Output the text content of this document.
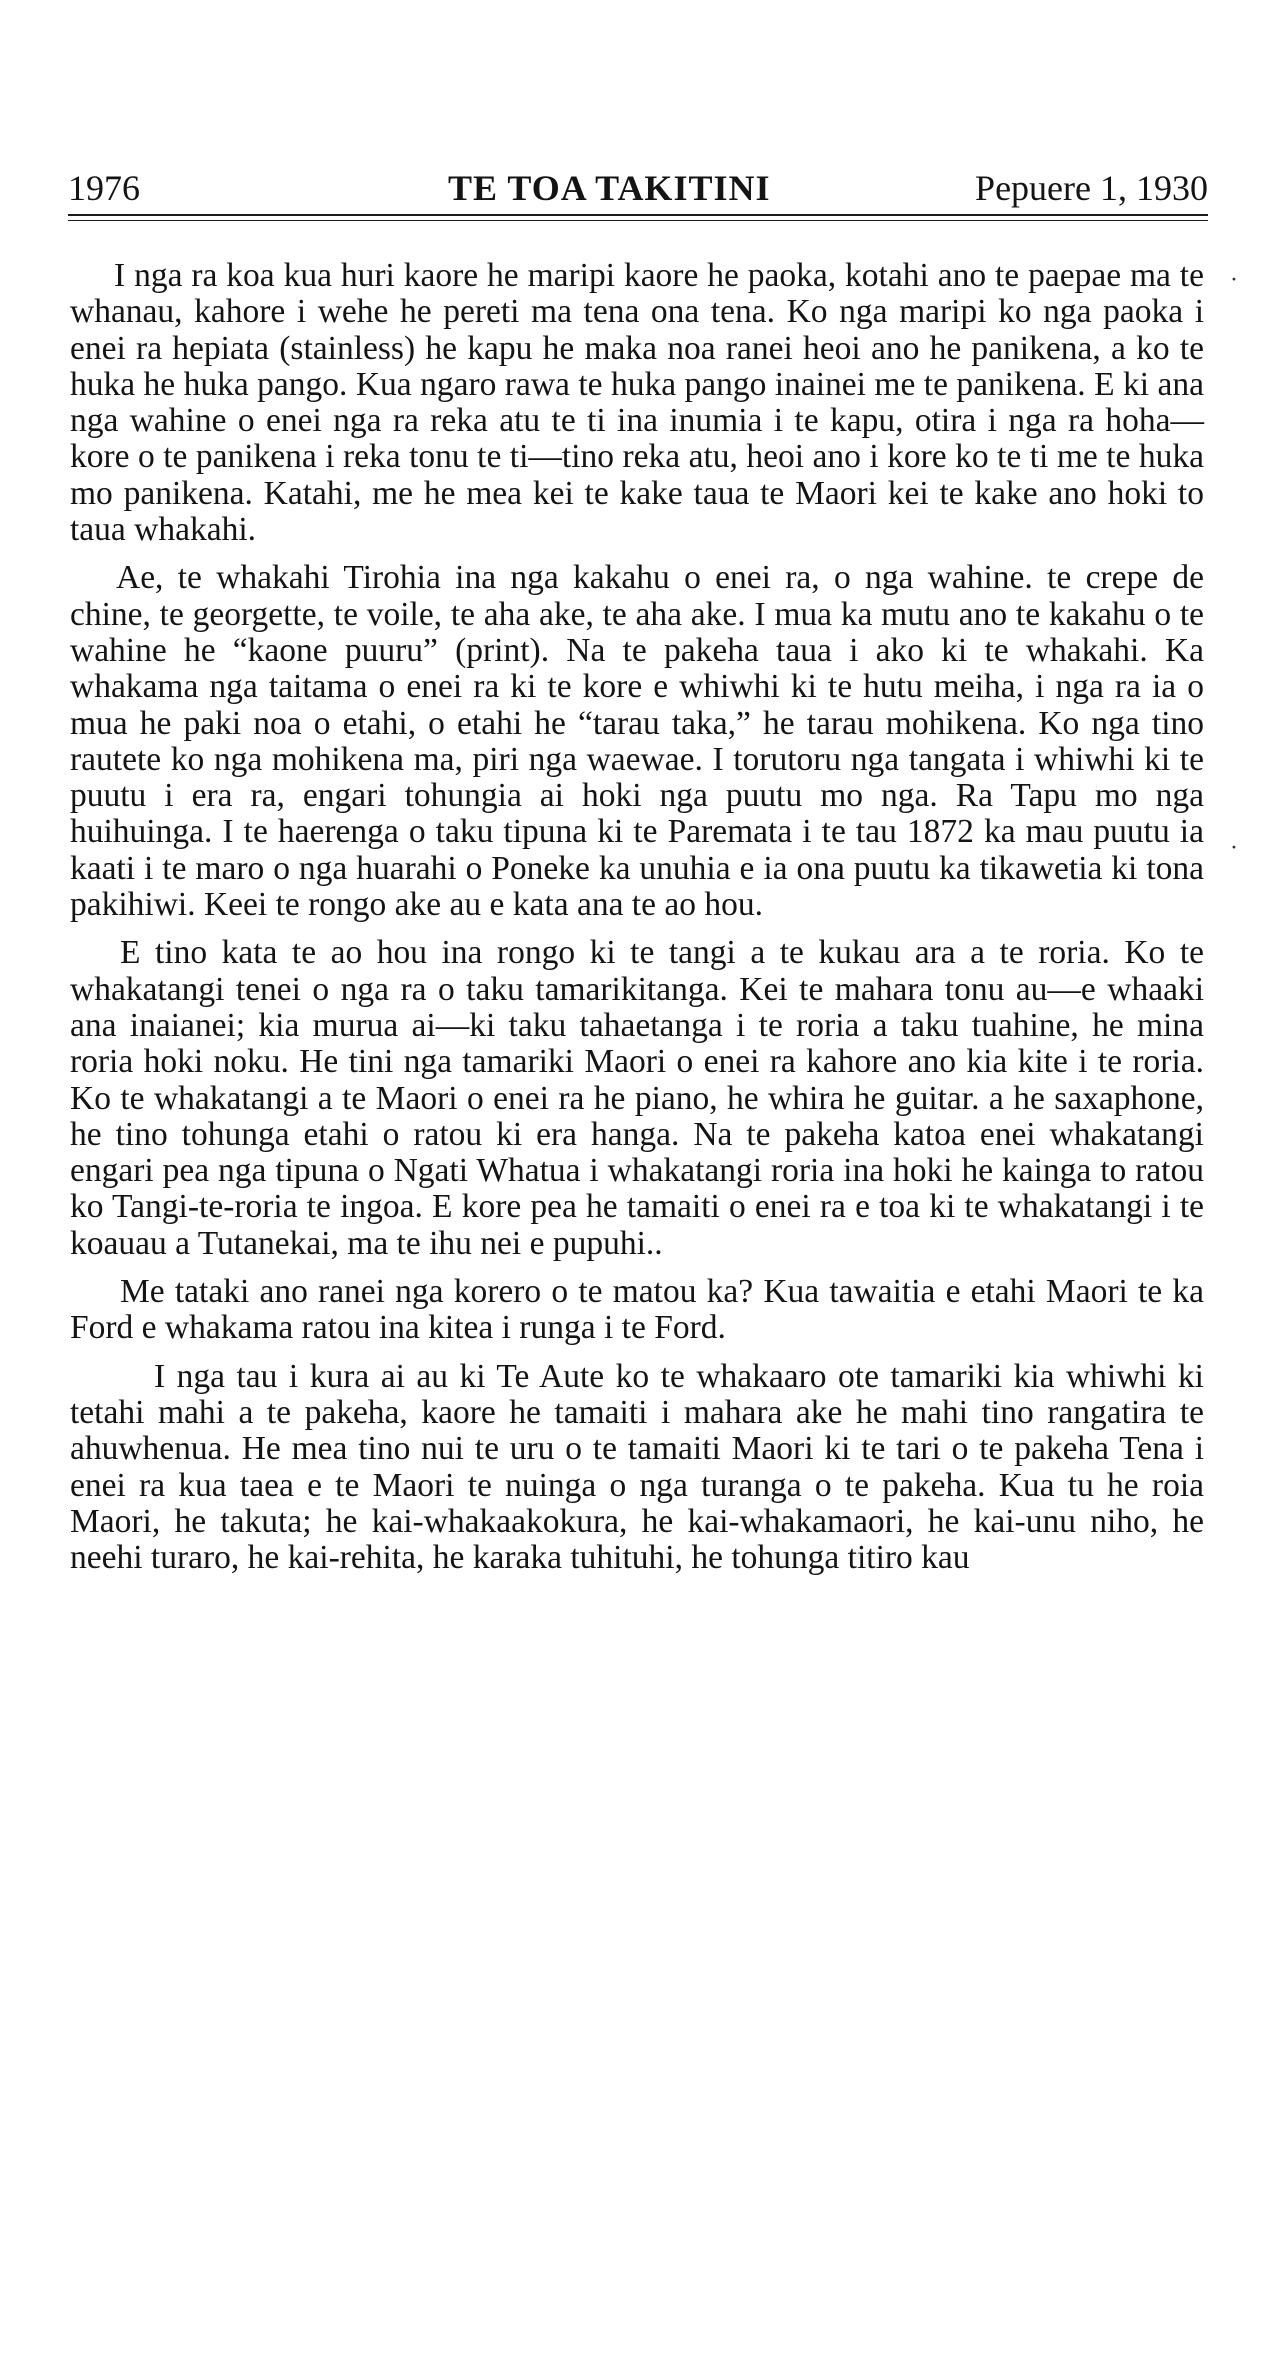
1976	TE TOA TAKITINI	Pepuere 1, 1930
·
·

I nga ra koa kua huri kaore he maripi kaore he paoka, kotahi ano te paepae ma te whanau, kahore i wehe he pereti ma tena ona tena. Ko nga maripi ko nga paoka i enei ra hepiata (stainless) he kapu he maka noa ranei heoi ano he panikena, a ko te huka he huka pango. Kua ngaro rawa te huka pango inainei me te panikena. E ki ana nga wahine o enei nga ra reka atu te ti ina inumia i te kapu, otira i nga ra hoha—kore o te panikena i reka tonu te ti—tino reka atu, heoi ano i kore ko te ti me te huka mo panikena. Katahi, me he mea kei te kake taua te Maori kei te kake ano hoki to taua whakahi.

Ae, te whakahi Tirohia ina nga kakahu o enei ra, o nga wahine. te crepe de chine, te georgette, te voile, te aha ake, te aha ake. I mua ka mutu ano te kakahu o te wahine he “kaone puuru” (print). Na te pakeha taua i ako ki te whakahi. Ka whakama nga taitama o enei ra ki te kore e whiwhi ki te hutu meiha, i nga ra ia o mua he paki noa o etahi, o etahi he “tarau taka,” he tarau mohikena. Ko nga tino rautete ko nga mohikena ma, piri nga waewae. I torutoru nga tangata i whiwhi ki te puutu i era ra, engari tohungia ai hoki nga puutu mo nga. Ra Tapu mo nga huihuinga. I te haerenga o taku tipuna ki te Paremata i te tau 1872 ka mau puutu ia kaati i te maro o nga huarahi o Poneke ka unuhia e ia ona puutu ka tikawetia ki tona pakihiwi. Keei te rongo ake au e kata ana te ao hou.

E tino kata te ao hou ina rongo ki te tangi a te kukau ara a te roria. Ko te whakatangi tenei o nga ra o taku tamarikitanga. Kei te mahara tonu au—e whaaki ana inaianei; kia murua ai—ki taku tahaetanga i te roria a taku tuahine, he mina roria hoki noku. He tini nga tamariki Maori o enei ra kahore ano kia kite i te roria. Ko te whakatangi a te Maori o enei ra he piano, he whira he guitar. a he saxaphone, he tino tohunga etahi o ratou ki era hanga. Na te pakeha katoa enei whakatangi engari pea nga tipuna o Ngati Whatua i whakatangi roria ina hoki he kainga to ratou ko Tangi-te-roria te ingoa. E kore pea he tamaiti o enei ra e toa ki te whakatangi i te koauau a Tutanekai, ma te ihu nei e pupuhi..

Me tataki ano ranei nga korero o te matou ka? Kua tawaitia e etahi Maori te ka Ford e whakama ratou ina kitea i runga i te Ford.

I nga tau i kura ai au ki Te Aute ko te whakaaro ote tamariki kia whiwhi ki tetahi mahi a te pakeha, kaore he tamaiti i mahara ake he mahi tino rangatira te ahuwhenua. He mea tino nui te uru o te tamaiti Maori ki te tari o te pakeha Tena i enei ra kua taea e te Maori te nuinga o nga turanga o te pakeha. Kua tu he roia Maori, he takuta; he kai-whakaakokura, he kai-whakamaori, he kai-unu niho, he neehi turaro, he kai-rehita, he karaka tuhituhi, he tohunga titiro kau
